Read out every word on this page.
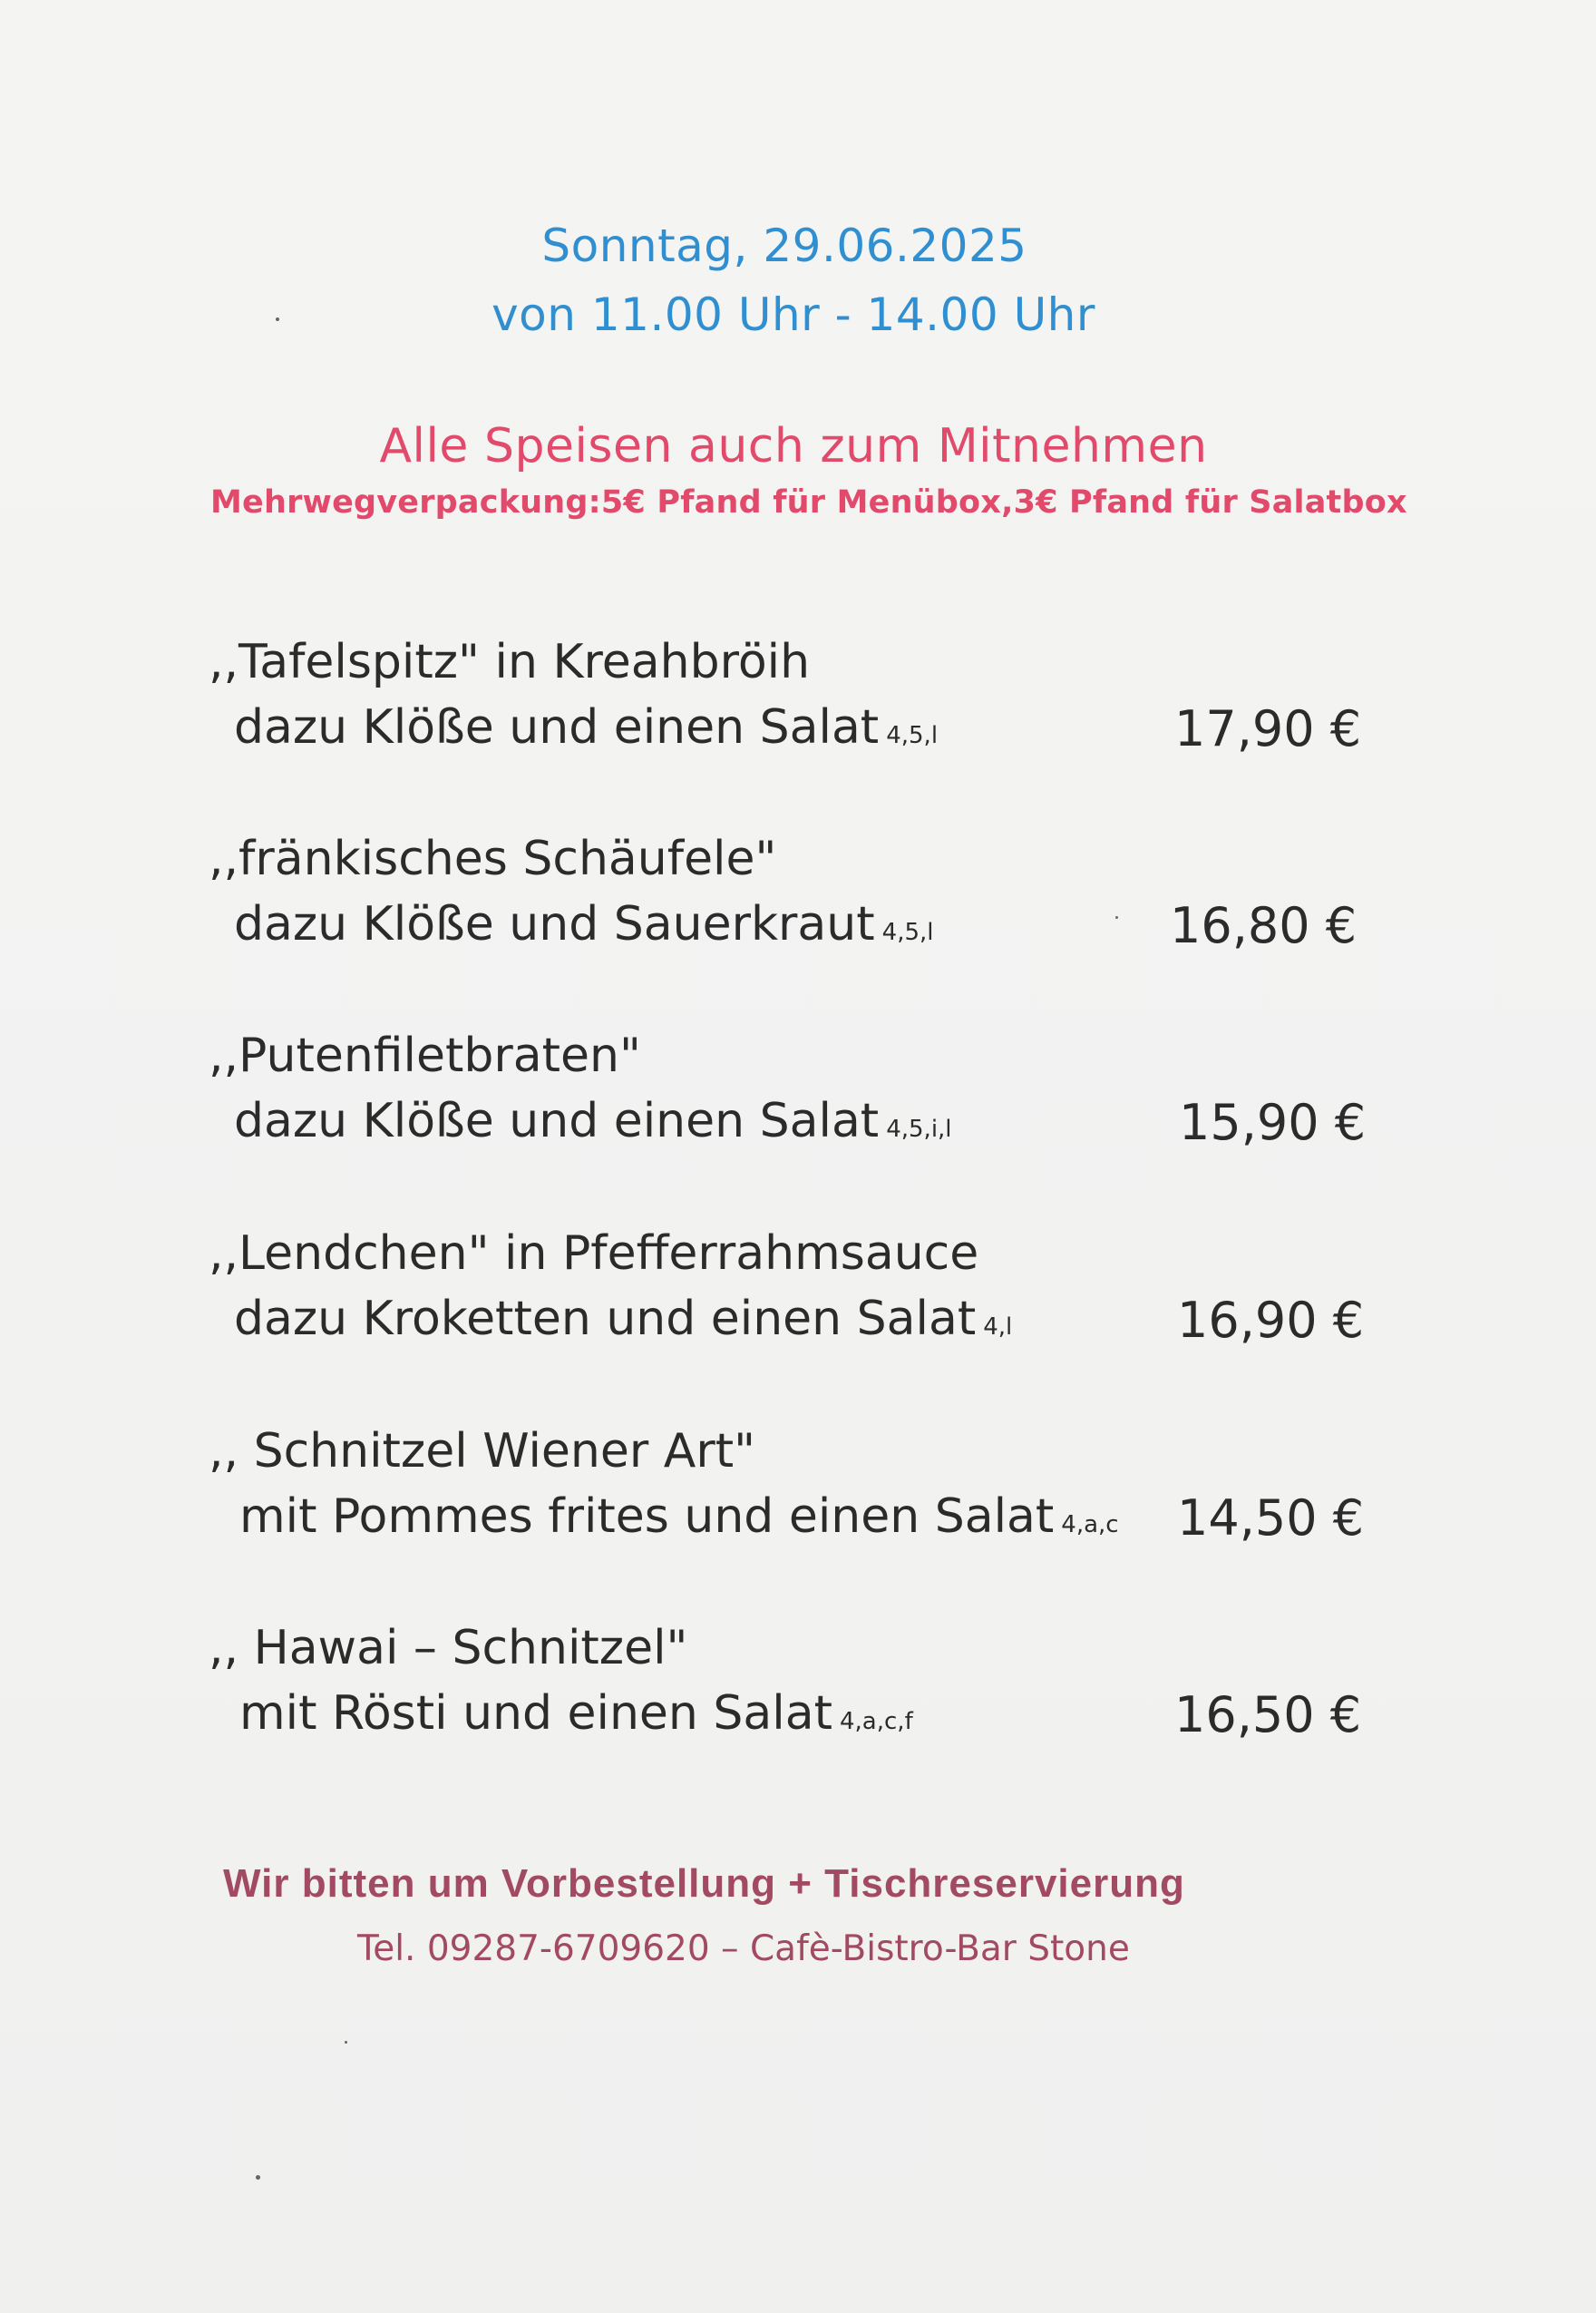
Sonntag, 29.06.2025
von 11.00 Uhr - 14.00 Uhr
Alle Speisen auch zum Mitnehmen
Mehrwegverpackung:5€ Pfand für Menübox,3€ Pfand für Salatbox
,,Tafelspitz" in Kreahbröih
dazu Klöße und einen Salat 4,5,l	17,90 €
,,fränkisches Schäufele"
dazu Klöße und Sauerkraut 4,5,l	16,80 €
,,Putenfiletbraten"
dazu Klöße und einen Salat 4,5,i,l	15,90 €
,,Lendchen" in Pfefferrahmsauce
dazu Kroketten und einen Salat 4,l	16,90 €
,, Schnitzel Wiener Art"
mit Pommes frites und einen Salat 4,a,c 14,50 €
,, Hawai – Schnitzel"
mit Rösti und einen Salat 4,a,c,f	16,50 €
Wir bitten um Vorbestellung + Tischreservierung
Tel. 09287-6709620 – Cafè-Bistro-Bar Stone
